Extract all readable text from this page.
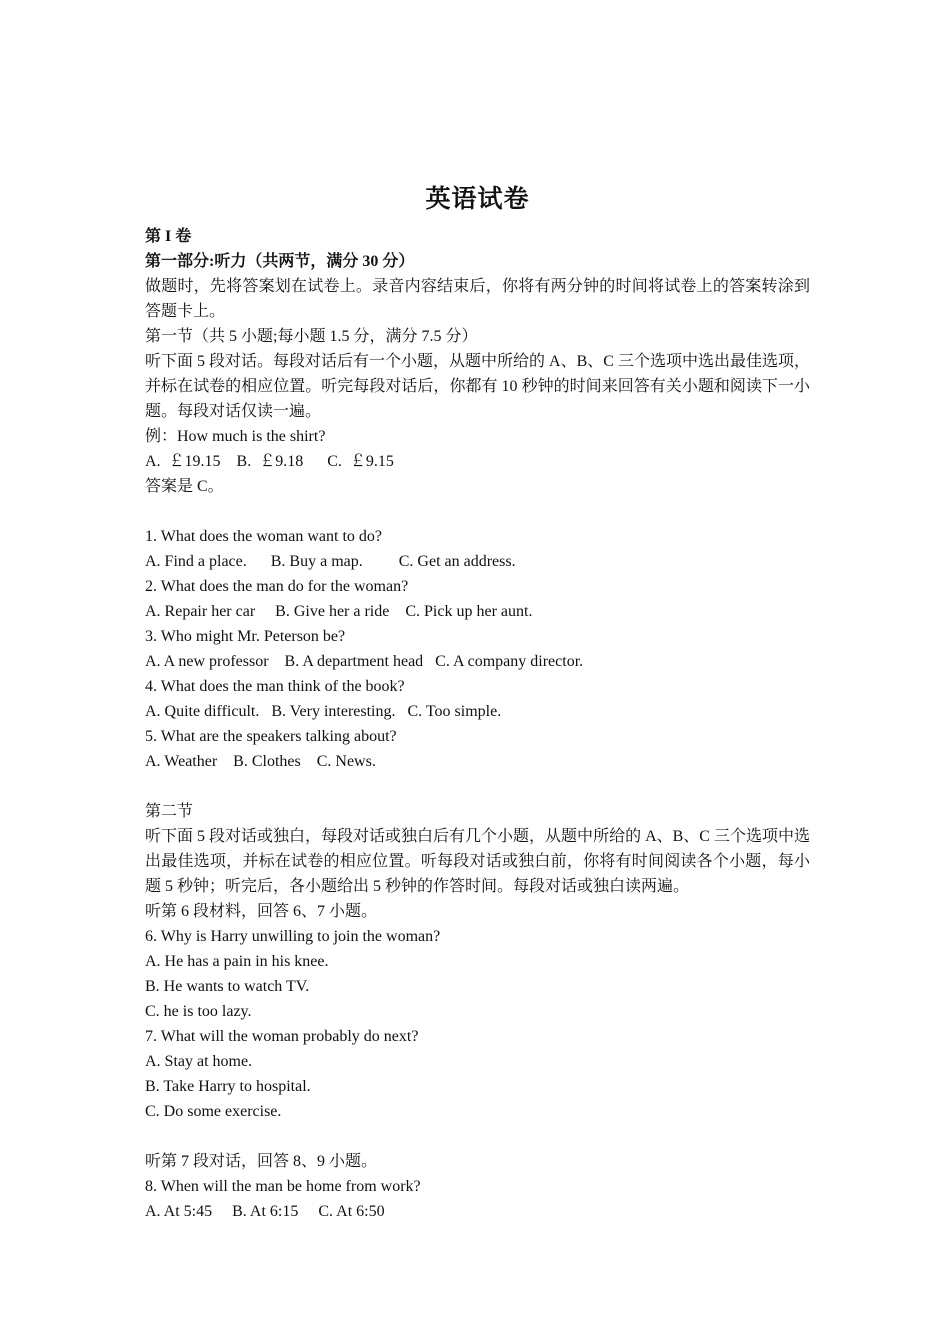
英语试卷
第 I 卷
第一部分:听力（共两节，满分 30 分）
做题时，先将答案划在试卷上。录音内容结束后，你将有两分钟的时间将试卷上的答案转涂到答题卡上。
第一节（共 5 小题;每小题 1.5 分，满分 7.5 分）
听下面 5 段对话。每段对话后有一个小题，从题中所给的 A、B、C 三个选项中选出最佳选项，并标在试卷的相应位置。听完每段对话后，你都有 10 秒钟的时间来回答有关小题和阅读下一小题。每段对话仅读一遍。
例：How much is the shirt?
A.  ￡19.15    B.  ￡9.18      C.  ￡9.15
答案是 C。
1. What does the woman want to do?
A. Find a place.      B. Buy a map.         C. Get an address.
2. What does the man do for the woman?
A. Repair her car     B. Give her a ride    C. Pick up her aunt.
3. Who might Mr. Peterson be?
A. A new professor    B. A department head   C. A company director.
4. What does the man think of the book?
A. Quite difficult.   B. Very interesting.   C. Too simple.
5. What are the speakers talking about?
A. Weather    B. Clothes    C. News.
第二节
听下面 5 段对话或独白，每段对话或独白后有几个小题，从题中所给的 A、B、C 三个选项中选出最佳选项，并标在试卷的相应位置。听每段对话或独白前，你将有时间阅读各个小题，每小题 5 秒钟；听完后，各小题给出 5 秒钟的作答时间。每段对话或独白读两遍。
听第 6 段材料，回答 6、7 小题。
6. Why is Harry unwilling to join the woman?
A. He has a pain in his knee.
B. He wants to watch TV.
C. he is too lazy.
7. What will the woman probably do next?
A. Stay at home.
B. Take Harry to hospital.
C. Do some exercise.
听第 7 段对话，回答 8、9 小题。
8. When will the man be home from work?
A. At 5:45     B. At 6:15     C. At 6:50
